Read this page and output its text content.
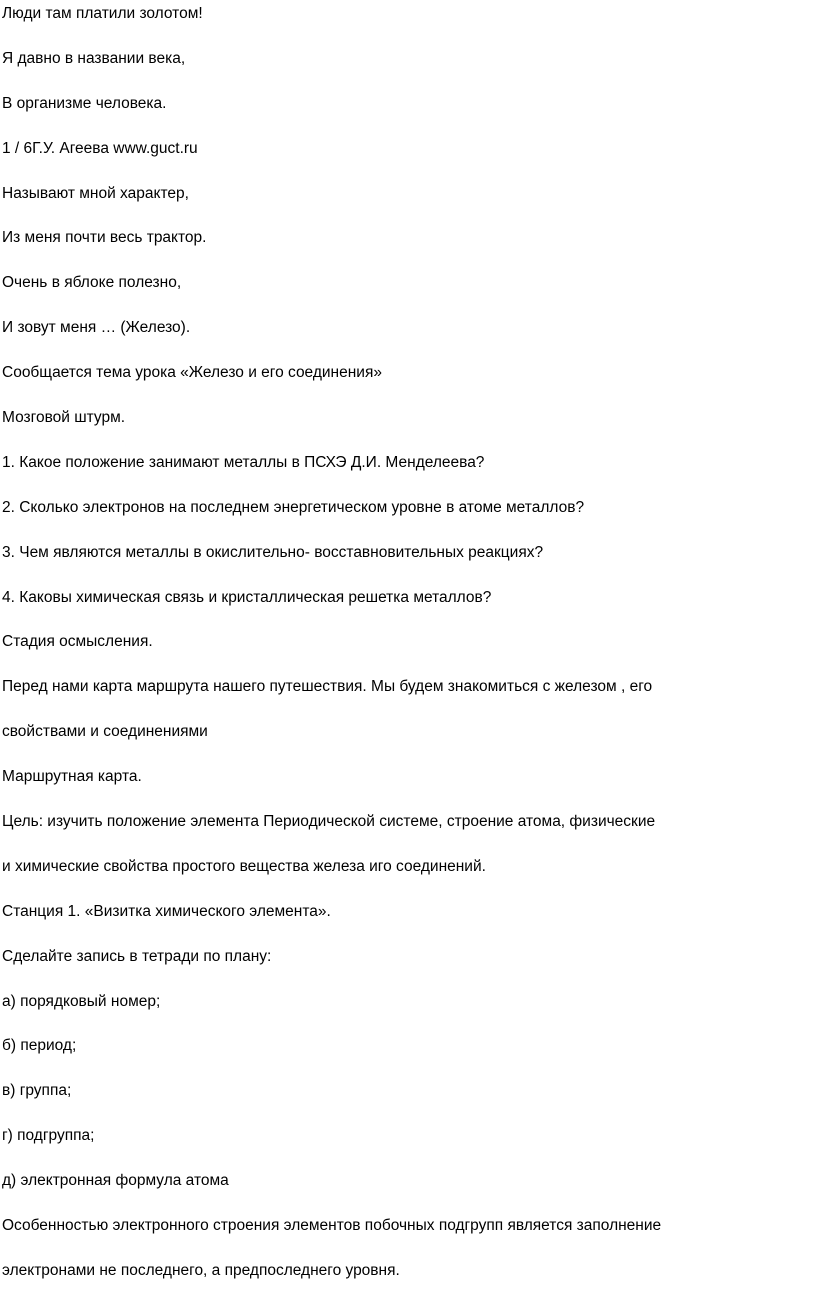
Люди там платили золотом!

Я давно в названии века,

В организме человека.

1 / 6Г.У. Агеева www.guct.ru

Называют мной характер,

Из меня почти весь трактор.

Очень в яблоке полезно,

И зовут меня … (Железо).

Сообщается тема урока «Железо и его соединения»

Мозговой штурм.

1. Какое положение занимают металлы в ПСХЭ Д.И. Менделеева?

2. Сколько электронов на последнем энергетическом уровне в атоме металлов?

3. Чем являются металлы в окислительно- восставновительных реакциях?

4. Каковы химическая связь и кристаллическая решетка металлов?

Стадия осмысления.

Перед нами карта маршрута нашего путешествия. Мы будем знакомиться с железом , его

свойствами и соединениями

Маршрутная карта.

Цель: изучить положение элемента Периодической системе, строение атома, физические

и химические свойства простого вещества железа иго соединений.

Станция 1. «Визитка химического элемента».

Сделайте запись в тетради по плану:

а) порядковый номер;

б) период;

в) группа;

г) подгруппа;

д) электронная формула атома

Особенностью электронного строения элементов побочных подгрупп является заполнение

электронами не последнего, а предпоследнего уровня.
